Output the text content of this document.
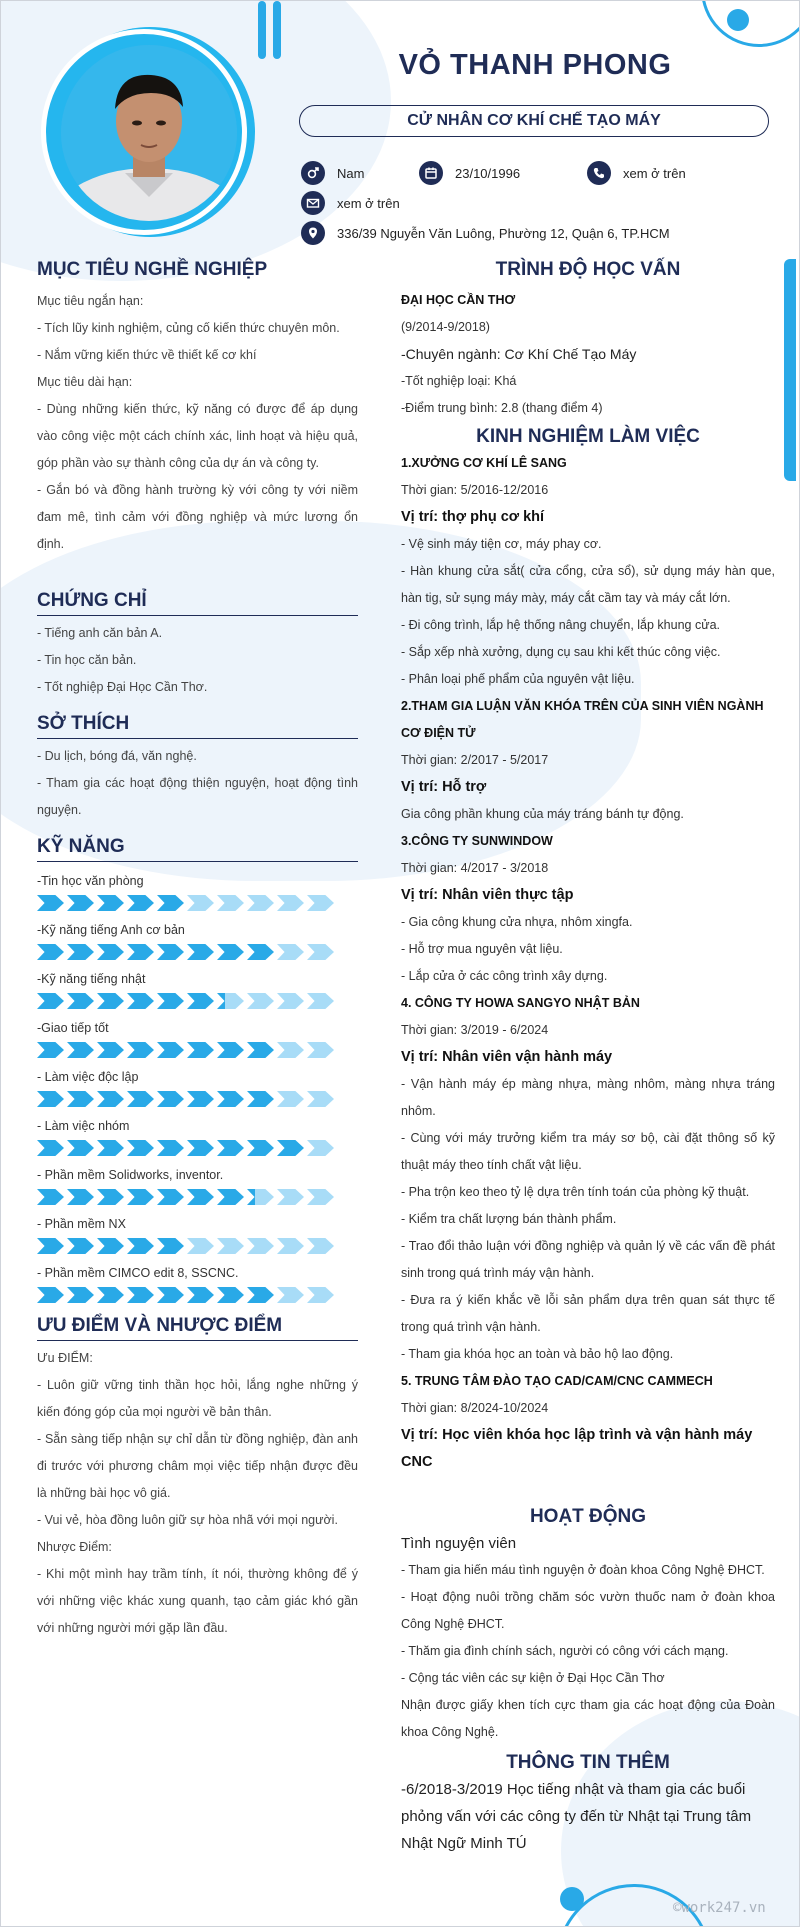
VỎ THANH PHONG
CỬ NHÂN CƠ KHÍ CHẾ TẠO MÁY
Nam	23/10/1996	xem ở trên
xem ở trên
336/39 Nguyễn Văn Luông, Phường 12, Quận 6, TP.HCM
MỤC TIÊU NGHỀ NGHIỆP

Mục tiêu ngắn hạn:

- Tích lũy kinh nghiệm, củng cố kiến thức chuyên môn.

- Nắm vững kiến thức về thiết kế cơ khí

Mục tiêu dài hạn:

- Dùng những kiến thức, kỹ năng có được để áp dụng vào công việc một cách chính xác, linh hoạt và hiệu quả, góp phần vào sự thành công của dự án và công ty.

- Gắn bó và đồng hành trường kỳ với công ty với niềm đam mê, tình cảm với đồng nghiệp và mức lương ổn định.

CHỨNG CHỈ

- Tiếng anh căn bản A.

- Tin học căn bản.

- Tốt nghiệp Đại Học Cần Thơ.

SỞ THÍCH

- Du lịch, bóng đá, văn nghệ.

- Tham gia các hoạt động thiện nguyện, hoạt động tình nguyện.

KỸ NĂNG
-Tin học văn phòng
-Kỹ năng tiếng Anh cơ bản
-Kỹ năng tiếng nhật
-Giao tiếp tốt
- Làm việc độc lập
- Làm việc nhóm
- Phần mềm Solidworks, inventor.
- Phần mềm NX
- Phần mềm CIMCO edit 8, SSCNC.
ƯU ĐIỂM VÀ NHƯỢC ĐIỂM

Ưu ĐIỂM:

- Luôn giữ vững tinh thần học hỏi, lắng nghe những ý kiến đóng góp của mọi người về bản thân.

- Sẵn sàng tiếp nhận sự chỉ dẫn từ đồng nghiệp, đàn anh đi trước với phương châm mọi việc tiếp nhận được đều là những bài học vô giá.

- Vui vẻ, hòa đồng luôn giữ sự hòa nhã với mọi người.

Nhược Điểm:

- Khi một mình hay trầm tính, ít nói, thường không để ý với những việc khác xung quanh, tạo cảm giác khó gần với những người mới gặp lần đầu.

TRÌNH ĐỘ HỌC VẤN

ĐẠI HỌC CẦN THƠ

(9/2014-9/2018)

-Chuyên ngành: Cơ Khí Chế Tạo Máy

-Tốt nghiệp loại: Khá

-Điểm trung bình: 2.8 (thang điểm 4)

KINH NGHIỆM LÀM VIỆC

1.XƯỞNG CƠ KHÍ LÊ SANG

Thời gian: 5/2016-12/2016

Vị trí: thợ phụ cơ khí

- Vệ sinh máy tiện cơ, máy phay cơ.

- Hàn khung cửa sắt( cửa cổng, cửa sổ), sử dụng máy hàn que, hàn tig, sử sụng máy mày, máy cắt cầm tay và máy cắt lớn.

- Đi công trình, lắp hệ thống nâng chuyển, lắp khung cửa.

- Sắp xếp nhà xưởng, dụng cụ sau khi kết thúc công việc.

- Phân loại phế phẩm của nguyên vật liệu.

2.THAM GIA LUẬN VĂN KHÓA TRÊN CỦA SINH VIÊN NGÀNH CƠ ĐIỆN TỬ

Thời gian: 2/2017 - 5/2017

Vị trí: Hỗ trợ

Gia công phần khung của máy tráng bánh tự động.

3.CÔNG TY SUNWINDOW

Thời gian: 4/2017 - 3/2018

Vị trí: Nhân viên thực tập

- Gia công khung cửa nhựa, nhôm xingfa.

- Hỗ trợ mua nguyên vật liệu.

- Lắp cửa ở các công trình xây dựng.

4. CÔNG TY HOWA SANGYO NHẬT BẢN

Thời gian: 3/2019 - 6/2024

Vị trí: Nhân viên vận hành máy

- Vận hành máy ép màng nhựa, màng nhôm, màng nhựa tráng nhôm.

- Cùng với máy trưởng kiểm tra máy sơ bộ, cài đặt thông số kỹ thuật máy theo tính chất vật liệu.

- Pha trộn keo theo tỷ lệ dựa trên tính toán của phòng kỹ thuật.

- Kiểm tra chất lượng bán thành phẩm.

- Trao đổi thảo luận với đồng nghiệp và quản lý về các vấn đề phát sinh trong quá trình máy vận hành.

- Đưa ra ý kiến khắc về lỗi sản phẩm dựa trên quan sát thực tế trong quá trình vận hành.

- Tham gia khóa học an toàn và bảo hộ lao động.

5. TRUNG TÂM ĐÀO TẠO CAD/CAM/CNC CAMMECH

Thời gian: 8/2024-10/2024

Vị trí: Học viên khóa học lập trình và vận hành máy CNC

HOẠT ĐỘNG

Tình nguyện viên

- Tham gia hiến máu tình nguyện ở đoàn khoa Công Nghệ ĐHCT.

- Hoạt động nuôi trồng chăm sóc vườn thuốc nam ở đoàn khoa Công Nghệ ĐHCT.

- Thăm gia đình chính sách, người có công với cách mạng.

- Cộng tác viên các sự kiện ở Đại Học Cần Thơ

Nhận được giấy khen tích cực tham gia các hoạt động của Đoàn khoa Công Nghệ.

THÔNG TIN THÊM

-6/2018-3/2019 Học tiếng nhật và tham gia các buổi phỏng vấn với các công ty đến từ Nhật tại Trung tâm Nhật Ngữ Minh TÚ

©work247.vn
